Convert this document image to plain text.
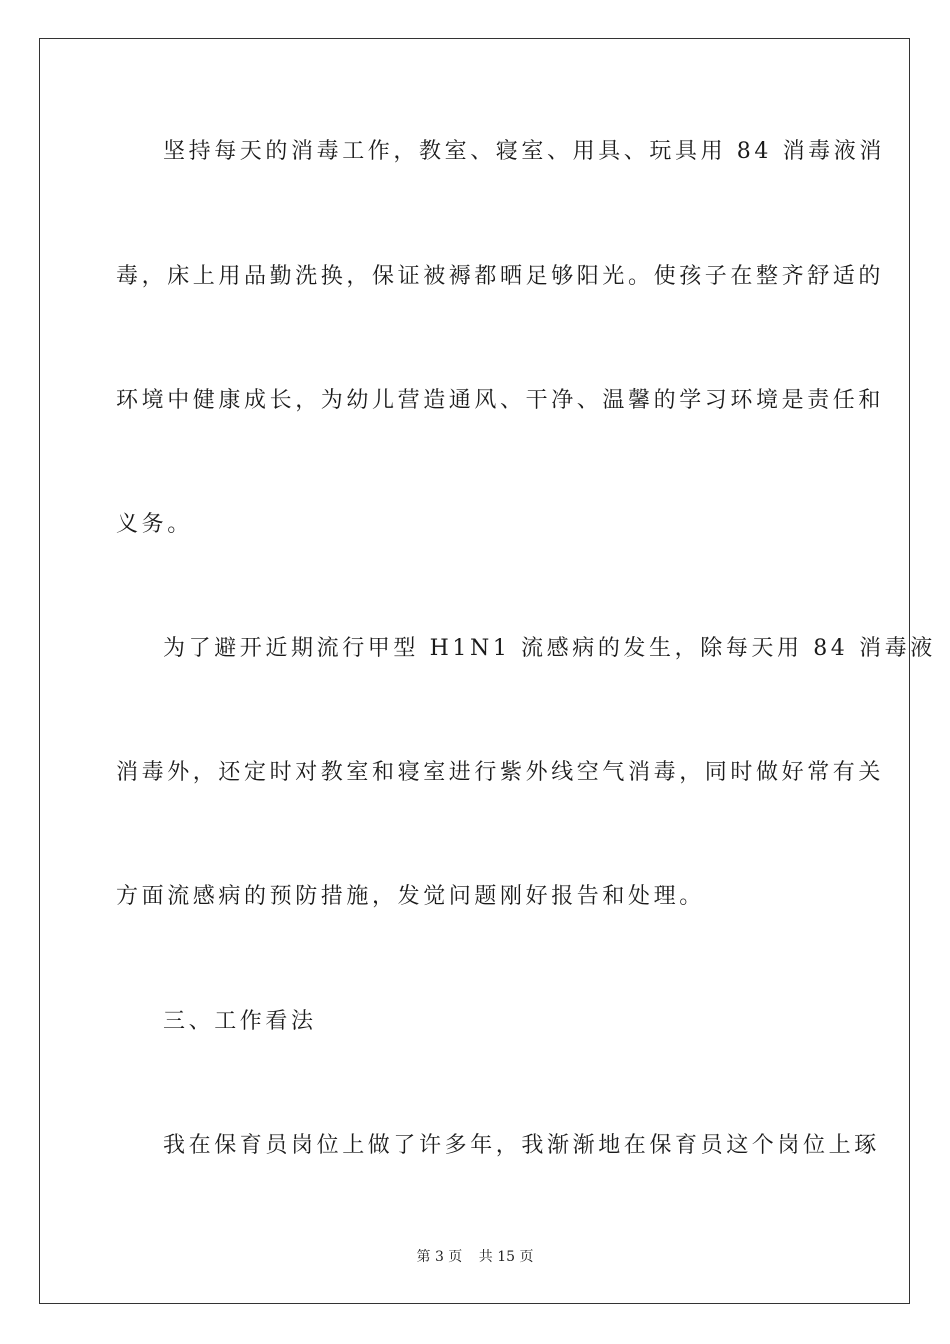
坚持每天的消毒工作，教室、寝室、用具、玩具用 84 消毒液消
毒，床上用品勤洗换，保证被褥都晒足够阳光。使孩子在整齐舒适的
环境中健康成长，为幼儿营造通风、干净、温馨的学习环境是责任和
义务。
为了避开近期流行甲型 H1N1 流感病的发生，除每天用 84 消毒液
消毒外，还定时对教室和寝室进行紫外线空气消毒，同时做好常有关
方面流感病的预防措施，发觉问题刚好报告和处理。
三、工作看法
我在保育员岗位上做了许多年，我渐渐地在保育员这个岗位上琢
第 3 页 共 15 页
